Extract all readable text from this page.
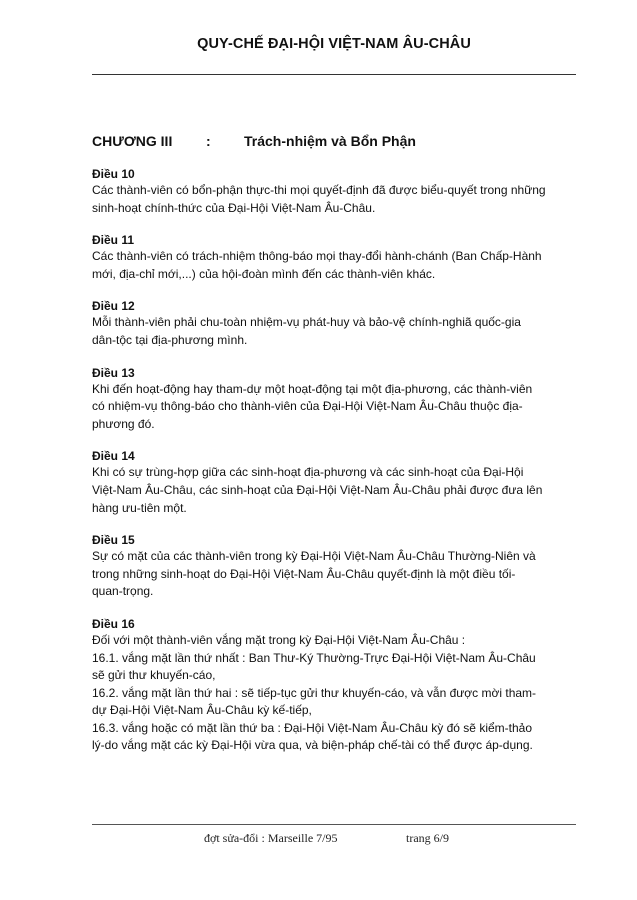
QUY-CHẾ ĐẠI-HỘI VIỆT-NAM ÂU-CHÂU
CHƯƠNG III : Trách-nhiệm và Bổn Phận
Điều 10
Các thành-viên có bổn-phận thực-thi mọi quyết-định đã được biểu-quyết trong những
sinh-hoạt chính-thức của Đại-Hội Việt-Nam Âu-Châu.
Điều 11
Các thành-viên có trách-nhiệm thông-báo mọi thay-đổi hành-chánh (Ban Chấp-Hành
mới, địa-chỉ mới,...) của hội-đoàn mình đến các thành-viên khác.
Điều 12
Mỗi thành-viên phải chu-toàn nhiệm-vụ phát-huy và bảo-vệ chính-nghiã quốc-gia
dân-tộc tại địa-phương mình.
Điều 13
Khi đến hoạt-động hay tham-dự một hoạt-động tại một địa-phương, các thành-viên
có nhiệm-vụ thông-báo cho thành-viên của Đại-Hội Việt-Nam Âu-Châu thuộc địa-
phương đó.
Điều 14
Khi có sự trùng-hợp giữa các sinh-hoạt địa-phương và các sinh-hoạt của Đại-Hội
Việt-Nam Âu-Châu, các sinh-hoạt của Đại-Hội Việt-Nam Âu-Châu phải được đưa lên
hàng ưu-tiên một.
Điều 15
Sự có mặt của các thành-viên trong kỳ Đại-Hội Việt-Nam Âu-Châu Thường-Niên và
trong những sinh-hoạt do Đại-Hội Việt-Nam Âu-Châu quyết-định là một điều tối-
quan-trọng.
Điều 16
Đối với một thành-viên vắng mặt trong kỳ Đại-Hội Việt-Nam Âu-Châu :
16.1. vắng mặt lần thứ nhất : Ban Thư-Ký Thường-Trực Đại-Hội Việt-Nam Âu-Châu
sẽ gửi thư khuyến-cáo,
16.2. vắng mặt lần thứ hai : sẽ tiếp-tục gửi thư khuyến-cáo, và vẫn được mời tham-
dự Đại-Hội Việt-Nam Âu-Châu kỳ kế-tiếp,
16.3. vắng hoặc có mặt lần thứ ba : Đại-Hội Việt-Nam Âu-Châu kỳ đó sẽ kiểm-thảo
lý-do vắng mặt các kỳ Đại-Hội vừa qua, và biện-pháp chế-tài có thể được áp-dụng.
đợt sửa-đổi : Marseille 7/95	trang 6/9
